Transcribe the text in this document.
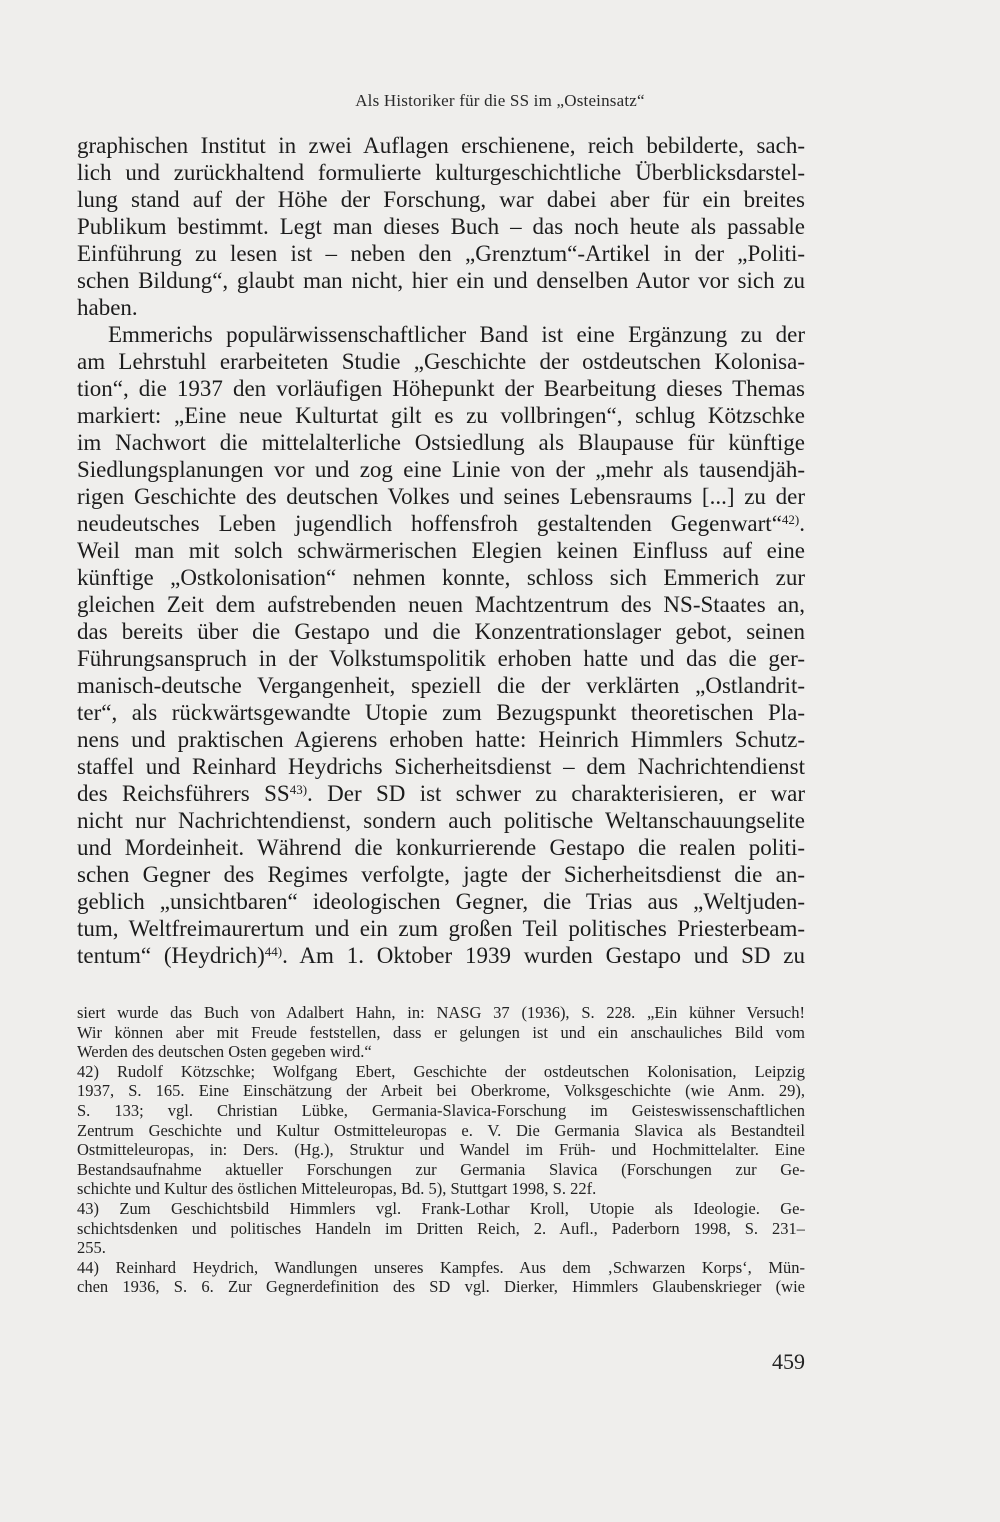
Als Historiker für die SS im „Osteinsatz“
graphischen Institut in zwei Auflagen erschienene, reich bebilderte, sach-
lich und zurückhaltend formulierte kulturgeschichtliche Überblicksdarstel-
lung stand auf der Höhe der Forschung, war dabei aber für ein breites
Publikum bestimmt. Legt man dieses Buch – das noch heute als passable
Einführung zu lesen ist – neben den „Grenztum“-Artikel in der „Politi-
schen Bildung“, glaubt man nicht, hier ein und denselben Autor vor sich zu
haben.
Emmerichs populärwissenschaftlicher Band ist eine Ergänzung zu der
am Lehrstuhl erarbeiteten Studie „Geschichte der ostdeutschen Kolonisa-
tion“, die 1937 den vorläufigen Höhepunkt der Bearbeitung dieses Themas
markiert: „Eine neue Kulturtat gilt es zu vollbringen“, schlug Kötzschke
im Nachwort die mittelalterliche Ostsiedlung als Blaupause für künftige
Siedlungsplanungen vor und zog eine Linie von der „mehr als tausendjäh-
rigen Geschichte des deutschen Volkes und seines Lebensraums [...] zu der
neudeutsches Leben jugendlich hoffensfroh gestaltenden Gegenwart“$^{42)}$.
Weil man mit solch schwärmerischen Elegien keinen Einfluss auf eine
künftige „Ostkolonisation“ nehmen konnte, schloss sich Emmerich zur
gleichen Zeit dem aufstrebenden neuen Machtzentrum des NS-Staates an,
das bereits über die Gestapo und die Konzentrationslager gebot, seinen
Führungsanspruch in der Volkstumspolitik erhoben hatte und das die ger-
manisch-deutsche Vergangenheit, speziell die der verklärten „Ostlandrit-
ter“, als rückwärtsgewandte Utopie zum Bezugspunkt theoretischen Pla-
nens und praktischen Agierens erhoben hatte: Heinrich Himmlers Schutz-
staffel und Reinhard Heydrichs Sicherheitsdienst – dem Nachrichtendienst
des Reichsführers SS$^{43)}$. Der SD ist schwer zu charakterisieren, er war
nicht nur Nachrichtendienst, sondern auch politische Weltanschauungselite
und Mordeinheit. Während die konkurrierende Gestapo die realen politi-
schen Gegner des Regimes verfolgte, jagte der Sicherheitsdienst die an-
geblich „unsichtbaren“ ideologischen Gegner, die Trias aus „Weltjuden-
tum, Weltfreimaurertum und ein zum großen Teil politisches Priesterbeam-
tentum“ (Heydrich)$^{44)}$. Am 1. Oktober 1939 wurden Gestapo und SD zu
siert wurde das Buch von Adalbert Hahn, in: NASG 37 (1936), S. 228. „Ein kühner Versuch!
Wir können aber mit Freude feststellen, dass er gelungen ist und ein anschauliches Bild vom
Werden des deutschen Osten gegeben wird.“
42) Rudolf Kötzschke; Wolfgang Ebert, Geschichte der ostdeutschen Kolonisation, Leipzig
1937, S. 165. Eine Einschätzung der Arbeit bei Oberkrome, Volksgeschichte (wie Anm. 29),
S. 133; vgl. Christian Lübke, Germania-Slavica-Forschung im Geisteswissenschaftlichen
Zentrum Geschichte und Kultur Ostmitteleuropas e. V. Die Germania Slavica als Bestandteil
Ostmitteleuropas, in: Ders. (Hg.), Struktur und Wandel im Früh- und Hochmittelalter. Eine
Bestandsaufnahme aktueller Forschungen zur Germania Slavica (Forschungen zur Ge-
schichte und Kultur des östlichen Mitteleuropas, Bd. 5), Stuttgart 1998, S. 22f.
43) Zum Geschichtsbild Himmlers vgl. Frank-Lothar Kroll, Utopie als Ideologie. Ge-
schichtsdenken und politisches Handeln im Dritten Reich, 2. Aufl., Paderborn 1998, S. 231–
255.
44) Reinhard Heydrich, Wandlungen unseres Kampfes. Aus dem ‚Schwarzen Korps‘, Mün-
chen 1936, S. 6. Zur Gegnerdefinition des SD vgl. Dierker, Himmlers Glaubenskrieger (wie
459
